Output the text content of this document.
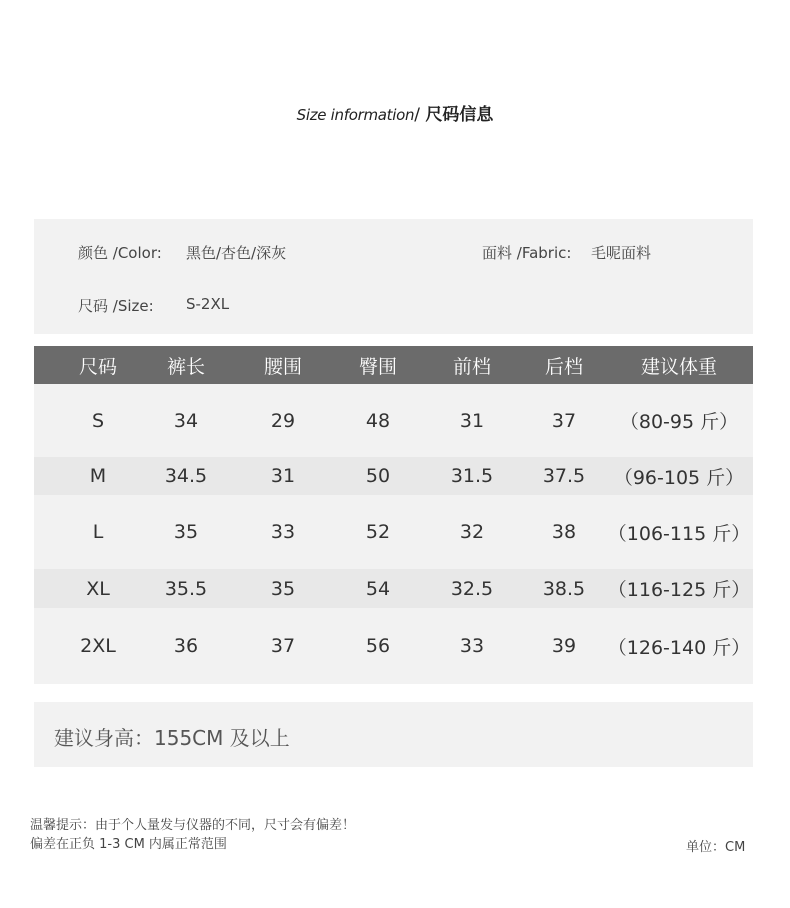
Size information/ 尺码信息
颜色 /Color: 黑色/杏色/深灰	面料 /Fabric: 毛呢面料
尺码 /Size: S-2XL
尺码	裤长	腰围	臀围	前档	后档	建议体重
S	34	29	48	31	37	（80-95 斤）
M	34.5	31	50	31.5	37.5	（96-105 斤）
L	35	33	52	32	38	（106-115 斤）
XL	35.5	35	54	32.5	38.5	（116-125 斤）
2XL	36	37	56	33	39	（126-140 斤）
建议身高：155CM 及以上
温馨提示：由于个人量发与仪器的不同，尺寸会有偏差！
偏差在正负 1-3 CM 内属正常范围	单位：CM
